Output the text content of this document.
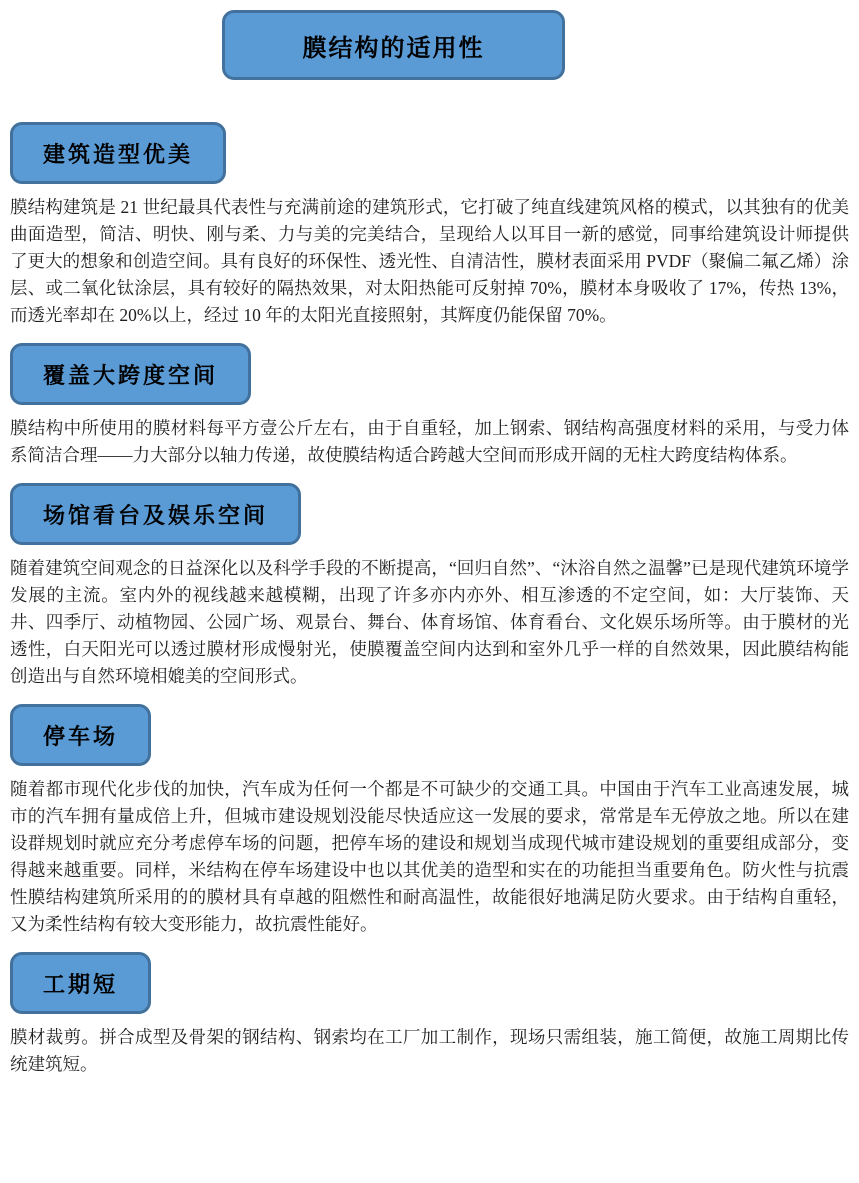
膜结构的适用性
建筑造型优美

膜结构建筑是 21 世纪最具代表性与充满前途的建筑形式，它打破了纯直线建筑风格的模式，以其独有的优美曲面造型，简洁、明快、刚与柔、力与美的完美结合，呈现给人以耳目一新的感觉，同事给建筑设计师提供了更大的想象和创造空间。具有良好的环保性、透光性、自清洁性，膜材表面采用 PVDF（聚偏二氟乙烯）涂层、或二氧化钛涂层，具有较好的隔热效果，对太阳热能可反射掉 70%，膜材本身吸收了 17%，传热 13%，而透光率却在 20%以上，经过 10 年的太阳光直接照射，其辉度仍能保留 70%。

覆盖大跨度空间

膜结构中所使用的膜材料每平方壹公斤左右，由于自重轻，加上钢索、钢结构高强度材料的采用，与受力体系简洁合理——力大部分以轴力传递，故使膜结构适合跨越大空间而形成开阔的无柱大跨度结构体系。

场馆看台及娱乐空间

随着建筑空间观念的日益深化以及科学手段的不断提高，“回归自然”、“沐浴自然之温馨”已是现代建筑环境学发展的主流。室内外的视线越来越模糊，出现了许多亦内亦外、相互渗透的不定空间，如：大厅装饰、天井、四季厅、动植物园、公园广场、观景台、舞台、体育场馆、体育看台、文化娱乐场所等。由于膜材的光透性，白天阳光可以透过膜材形成慢射光，使膜覆盖空间内达到和室外几乎一样的自然效果，因此膜结构能创造出与自然环境相媲美的空间形式。

停车场

随着都市现代化步伐的加快，汽车成为任何一个都是不可缺少的交通工具。中国由于汽车工业高速发展，城市的汽车拥有量成倍上升，但城市建设规划没能尽快适应这一发展的要求，常常是车无停放之地。所以在建设群规划时就应充分考虑停车场的问题，把停车场的建设和规划当成现代城市建设规划的重要组成部分，变得越来越重要。同样，米结构在停车场建设中也以其优美的造型和实在的功能担当重要角色。防火性与抗震性膜结构建筑所采用的的膜材具有卓越的阻燃性和耐高温性，故能很好地满足防火要求。由于结构自重轻，又为柔性结构有较大变形能力，故抗震性能好。

工期短

膜材裁剪。拼合成型及骨架的钢结构、钢索均在工厂加工制作，现场只需组装，施工简便，故施工周期比传统建筑短。
